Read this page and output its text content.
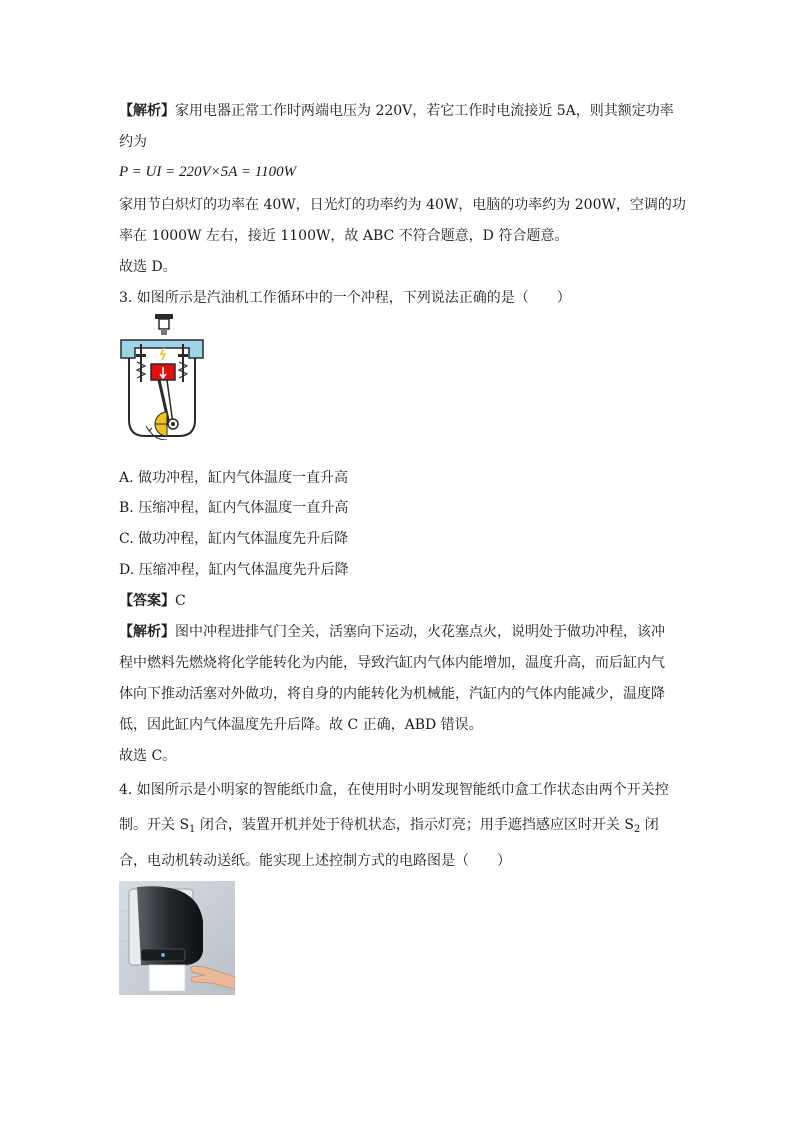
【解析】家用电器正常工作时两端电压为 220V，若它工作时电流接近 5A，则其额定功率
约为
P = UI = 220V×5A = 1100W
家用节白炽灯的功率在 40W，日光灯的功率约为 40W，电脑的功率约为 200W，空调的功
率在 1000W 左右，接近 1100W，故 ABC 不符合题意，D 符合题意。
故选 D。
3. 如图所示是汽油机工作循环中的一个冲程，下列说法正确的是（　　）
A. 做功冲程，缸内气体温度一直升高
B. 压缩冲程，缸内气体温度一直升高
C. 做功冲程，缸内气体温度先升后降
D. 压缩冲程，缸内气体温度先升后降
【答案】C
【解析】图中冲程进排气门全关，活塞向下运动，火花塞点火，说明处于做功冲程，该冲
程中燃料先燃烧将化学能转化为内能，导致汽缸内气体内能增加，温度升高，而后缸内气
体向下推动活塞对外做功，将自身的内能转化为机械能，汽缸内的气体内能减少，温度降
低，因此缸内气体温度先升后降。故 C 正确，ABD 错误。
故选 C。
4. 如图所示是小明家的智能纸巾盒，在使用时小明发现智能纸巾盒工作状态由两个开关控
制。开关 $S_1$ 闭合，装置开机并处于待机状态，指示灯亮；用手遮挡感应区时开关 $S_2$ 闭
合，电动机转动送纸。能实现上述控制方式的电路图是（　　）
